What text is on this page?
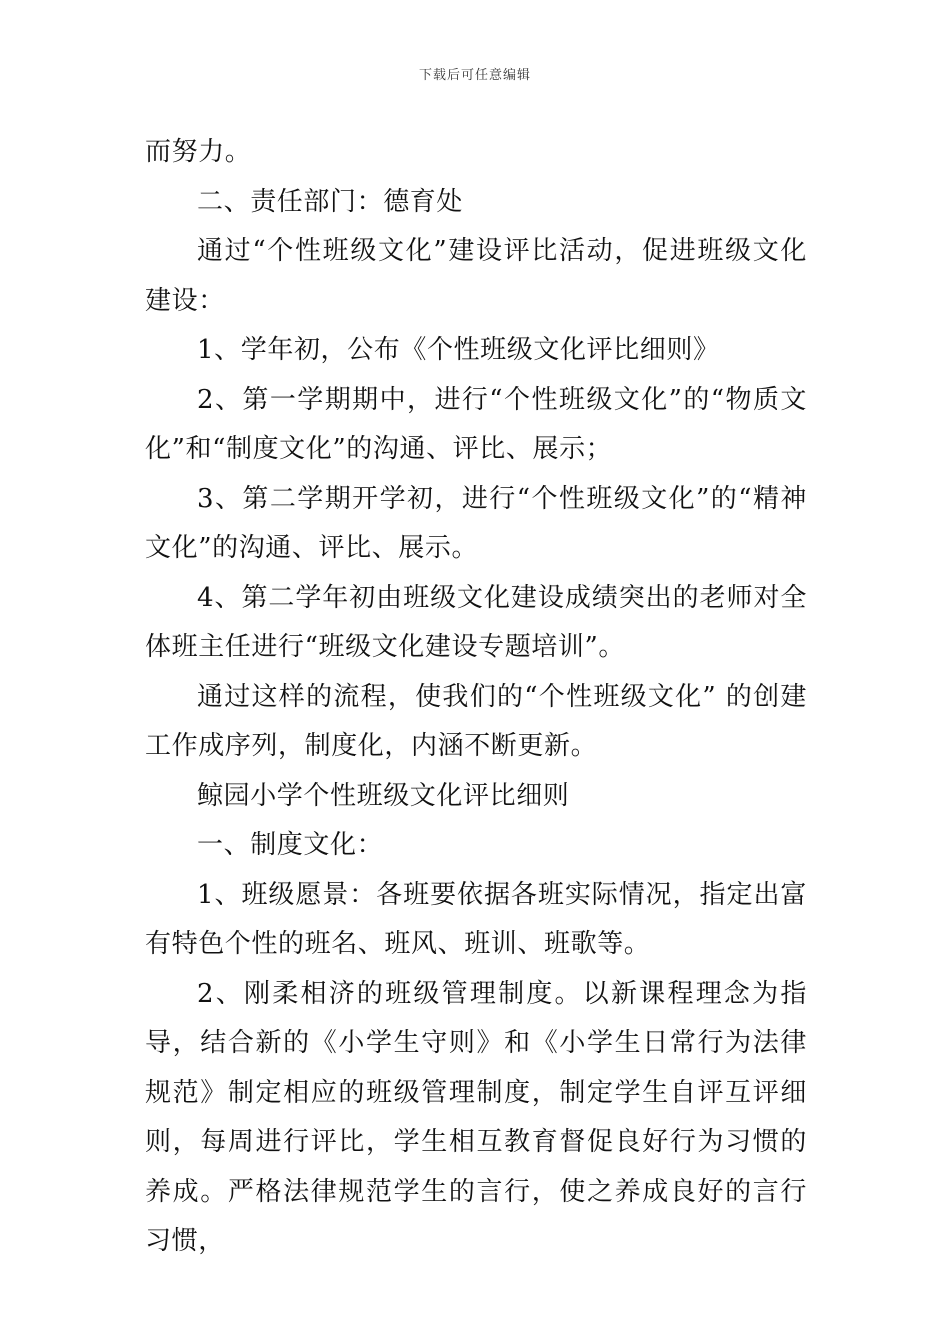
下载后可任意编辑

而努力。

二、责任部门：德育处

通过“个性班级文化”建设评比活动，促进班级文化建设：

1、学年初，公布《个性班级文化评比细则》

2、第一学期期中，进行“个性班级文化”的“物质文化”和“制度文化”的沟通、评比、展示；

3、第二学期开学初，进行“个性班级文化”的“精神文化”的沟通、评比、展示。

4、第二学年初由班级文化建设成绩突出的老师对全体班主任进行“班级文化建设专题培训”。

通过这样的流程，使我们的“个性班级文化” 的创建工作成序列，制度化，内涵不断更新。

鲸园小学个性班级文化评比细则

一、制度文化：

1、班级愿景：各班要依据各班实际情况，指定出富有特色个性的班名、班风、班训、班歌等。

2、刚柔相济的班级管理制度。以新课程理念为指导，结合新的《小学生守则》和《小学生日常行为法律规范》制定相应的班级管理制度，制定学生自评互评细则，每周进行评比，学生相互教育督促良好行为习惯的养成。严格法律规范学生的言行，使之养成良好的言行习惯，
